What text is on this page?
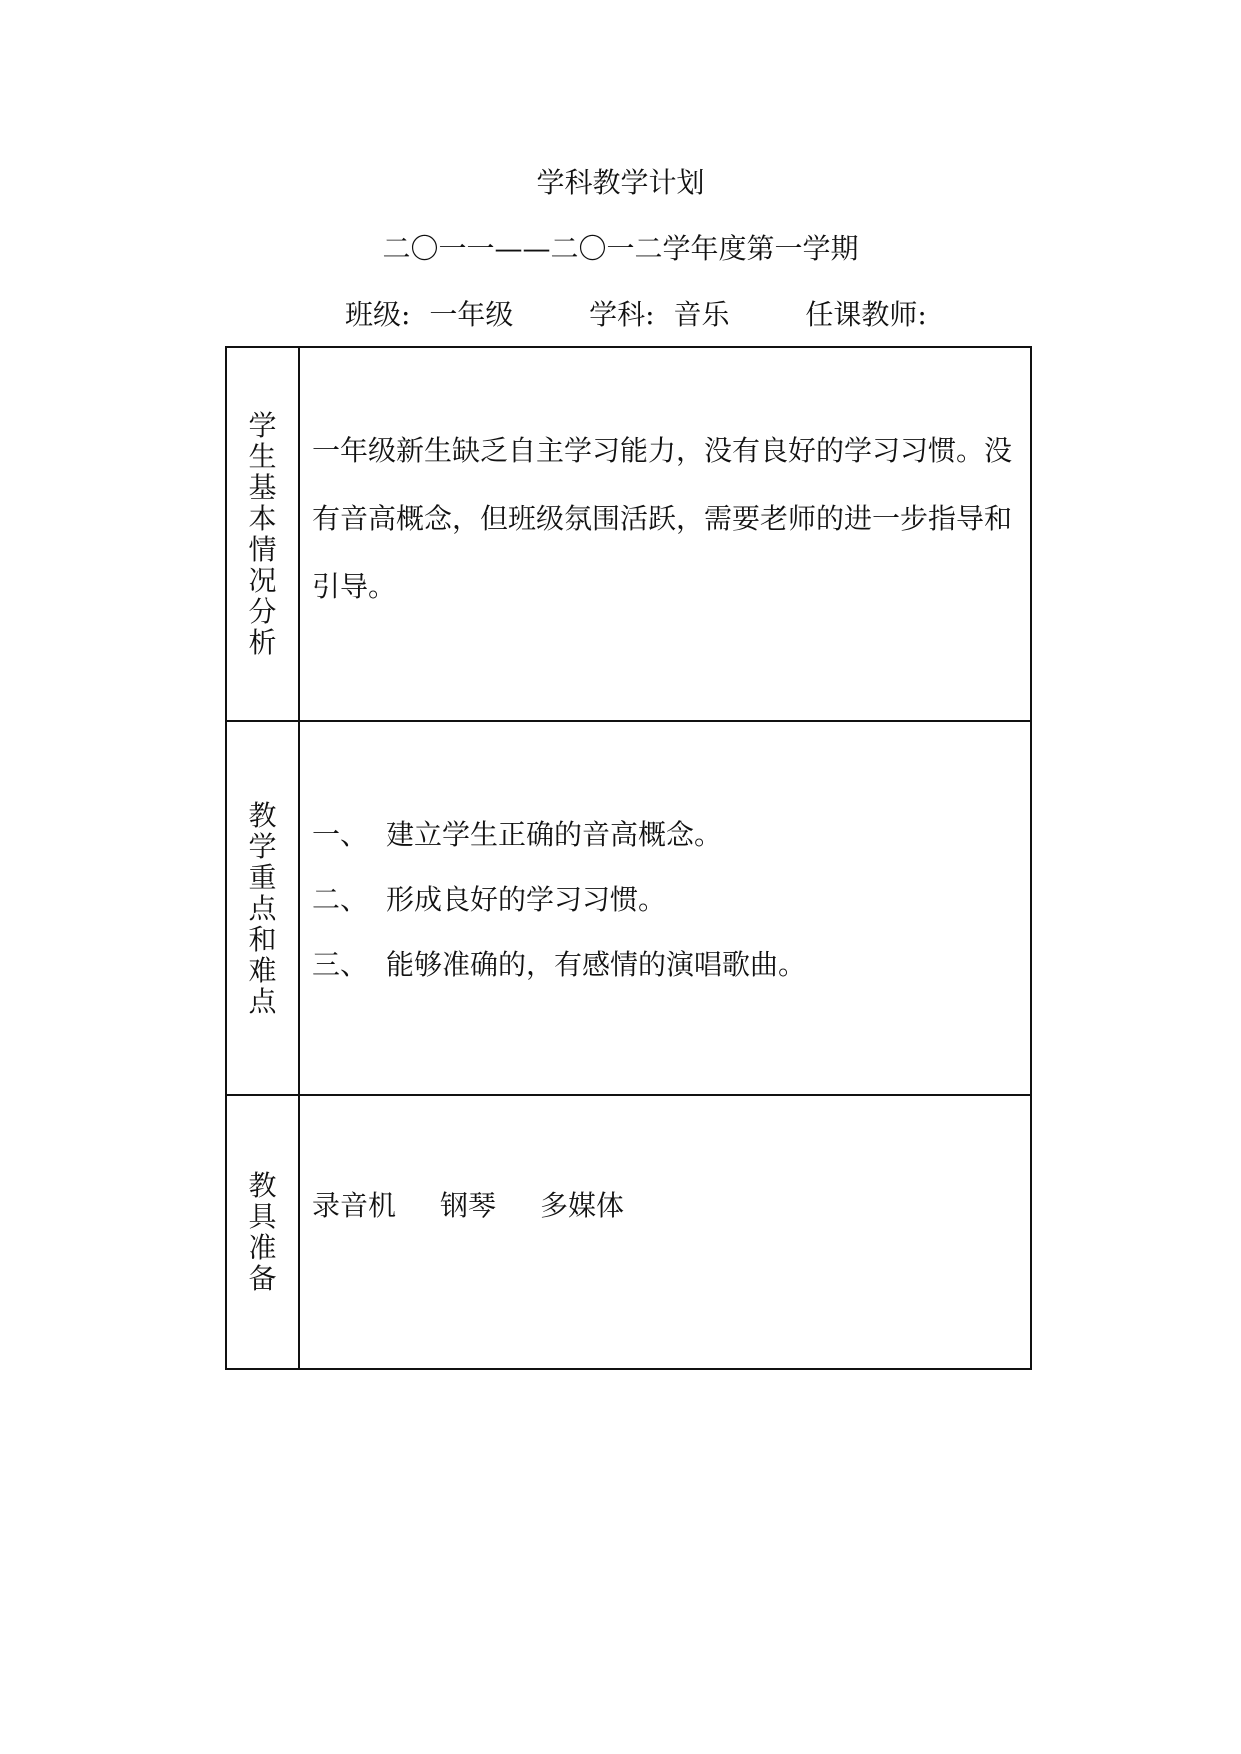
学科教学计划
二〇一一——二〇一二学年度第一学期
班级: 一年级	学科: 音乐	任课教师:
学生基本情况分析	一年级新生缺乏自主学习能力，没有良好的学习习惯。没有音高概念，但班级氛围活跃，需要老师的进一步指导和引导。

教学重点和难点	一、 建立学生正确的音高概念。

二、 形成良好的学习习惯。

三、 能够准确的，有感情的演唱歌曲。

教具准备	录音机 钢琴 多媒体
